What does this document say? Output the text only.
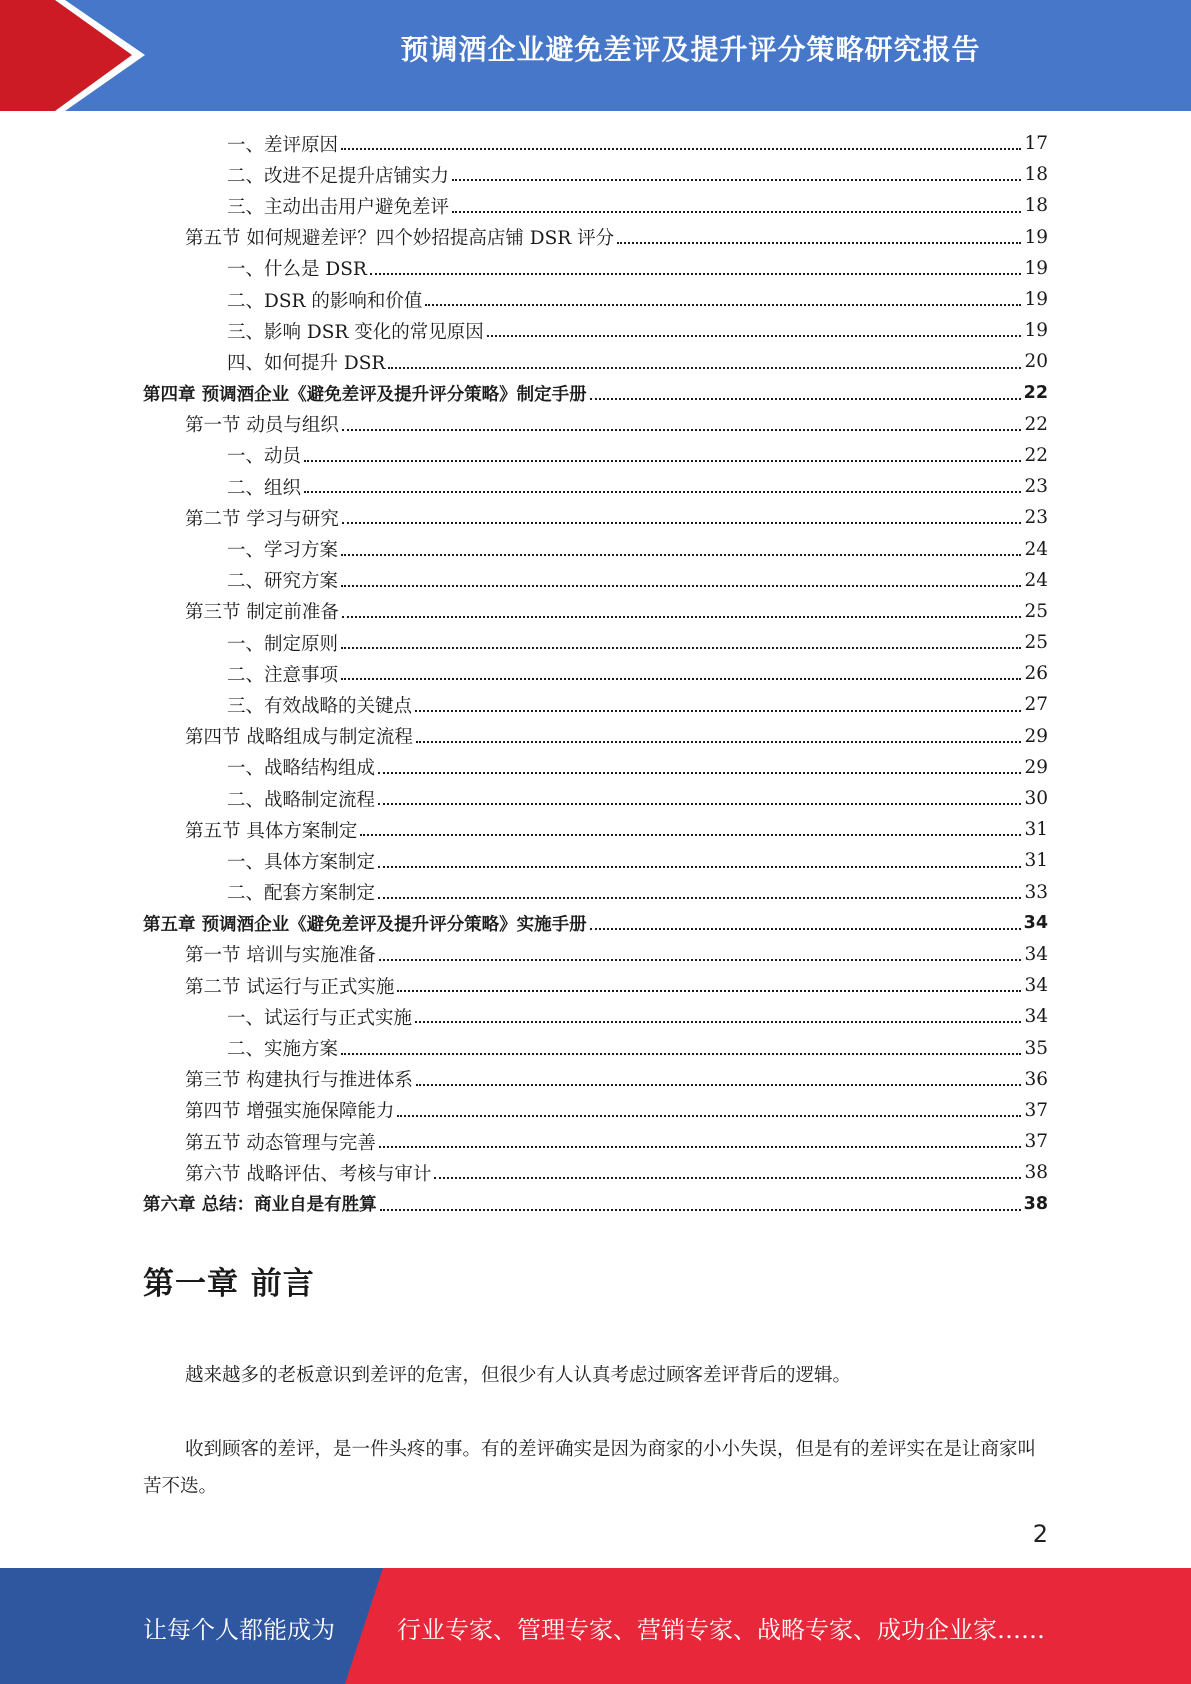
预调酒企业避免差评及提升评分策略研究报告
一、差评原因	17
二、改进不足提升店铺实力	18
三、主动出击用户避免差评	18
第五节 如何规避差评？四个妙招提高店铺 DSR 评分	19
一、什么是 DSR	19
二、DSR 的影响和价值	19
三、影响 DSR 变化的常见原因	19
四、如何提升 DSR	20
第四章 预调酒企业《避免差评及提升评分策略》制定手册	22
第一节 动员与组织	22
一、动员	22
二、组织	23
第二节 学习与研究	23
一、学习方案	24
二、研究方案	24
第三节 制定前准备	25
一、制定原则	25
二、注意事项	26
三、有效战略的关键点	27
第四节 战略组成与制定流程	29
一、战略结构组成	29
二、战略制定流程	30
第五节 具体方案制定	31
一、具体方案制定	31
二、配套方案制定	33
第五章 预调酒企业《避免差评及提升评分策略》实施手册	34
第一节 培训与实施准备	34
第二节 试运行与正式实施	34
一、试运行与正式实施	34
二、实施方案	35
第三节 构建执行与推进体系	36
第四节 增强实施保障能力	37
第五节 动态管理与完善	37
第六节 战略评估、考核与审计	38
第六章 总结：商业自是有胜算	38
第一章 前言

越来越多的老板意识到差评的危害，但很少有人认真考虑过顾客差评背后的逻辑。

收到顾客的差评，是一件头疼的事。有的差评确实是因为商家的小小失误，但是有的差评实在是让商家叫苦不迭。

2
让每个人都能成为	行业专家、管理专家、营销专家、战略专家、成功企业家……
